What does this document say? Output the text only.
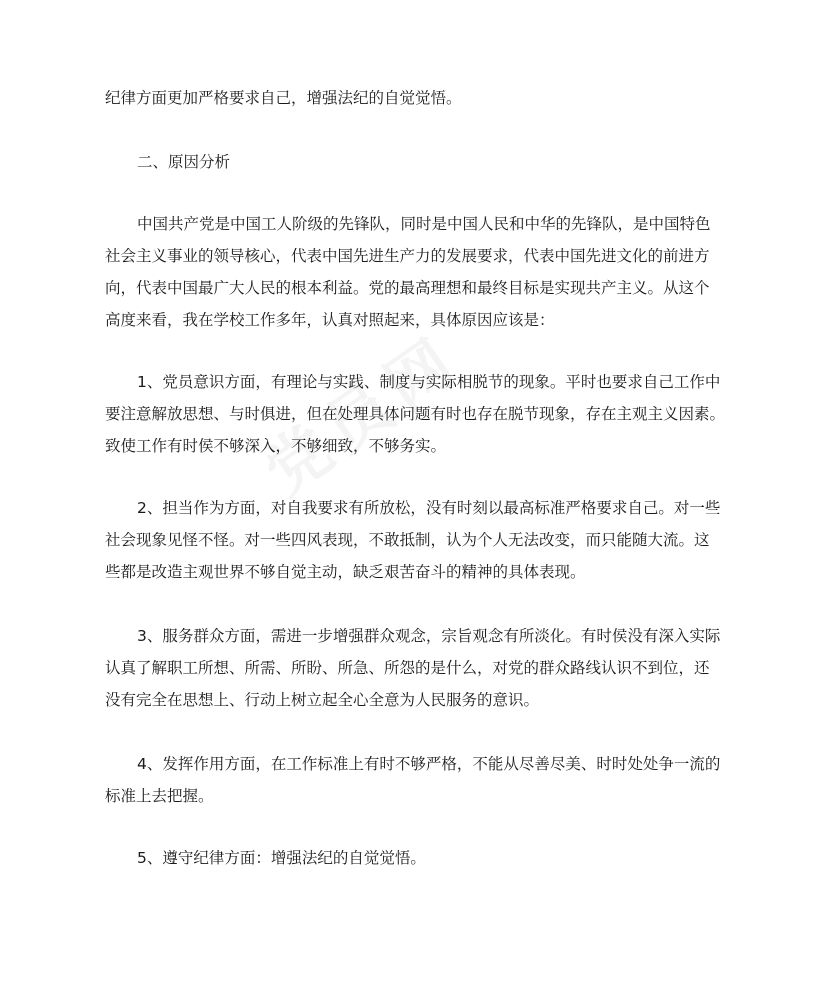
纪律方面更加严格要求自己，增强法纪的自觉觉悟。

二、原因分析

中国共产党是中国工人阶级的先锋队，同时是中国人民和中华的先锋队，是中国特色
社会主义事业的领导核心，代表中国先进生产力的发展要求，代表中国先进文化的前进方
向，代表中国最广大人民的根本利益。党的最高理想和最终目标是实现共产主义。从这个
高度来看，我在学校工作多年，认真对照起来，具体原因应该是：

1、党员意识方面，有理论与实践、制度与实际相脱节的现象。平时也要求自己工作中
要注意解放思想、与时俱进，但在处理具体问题有时也存在脱节现象，存在主观主义因素。
致使工作有时侯不够深入，不够细致，不够务实。

2、担当作为方面，对自我要求有所放松，没有时刻以最高标准严格要求自己。对一些
社会现象见怪不怪。对一些四风表现，不敢抵制，认为个人无法改变，而只能随大流。这
些都是改造主观世界不够自觉主动，缺乏艰苦奋斗的精神的具体表现。

3、服务群众方面，需进一步增强群众观念，宗旨观念有所淡化。有时侯没有深入实际
认真了解职工所想、所需、所盼、所急、所怨的是什么，对党的群众路线认识不到位，还
没有完全在思想上、行动上树立起全心全意为人民服务的意识。

4、发挥作用方面，在工作标准上有时不够严格，不能从尽善尽美、时时处处争一流的
标准上去把握。

5、遵守纪律方面：增强法纪的自觉觉悟。
